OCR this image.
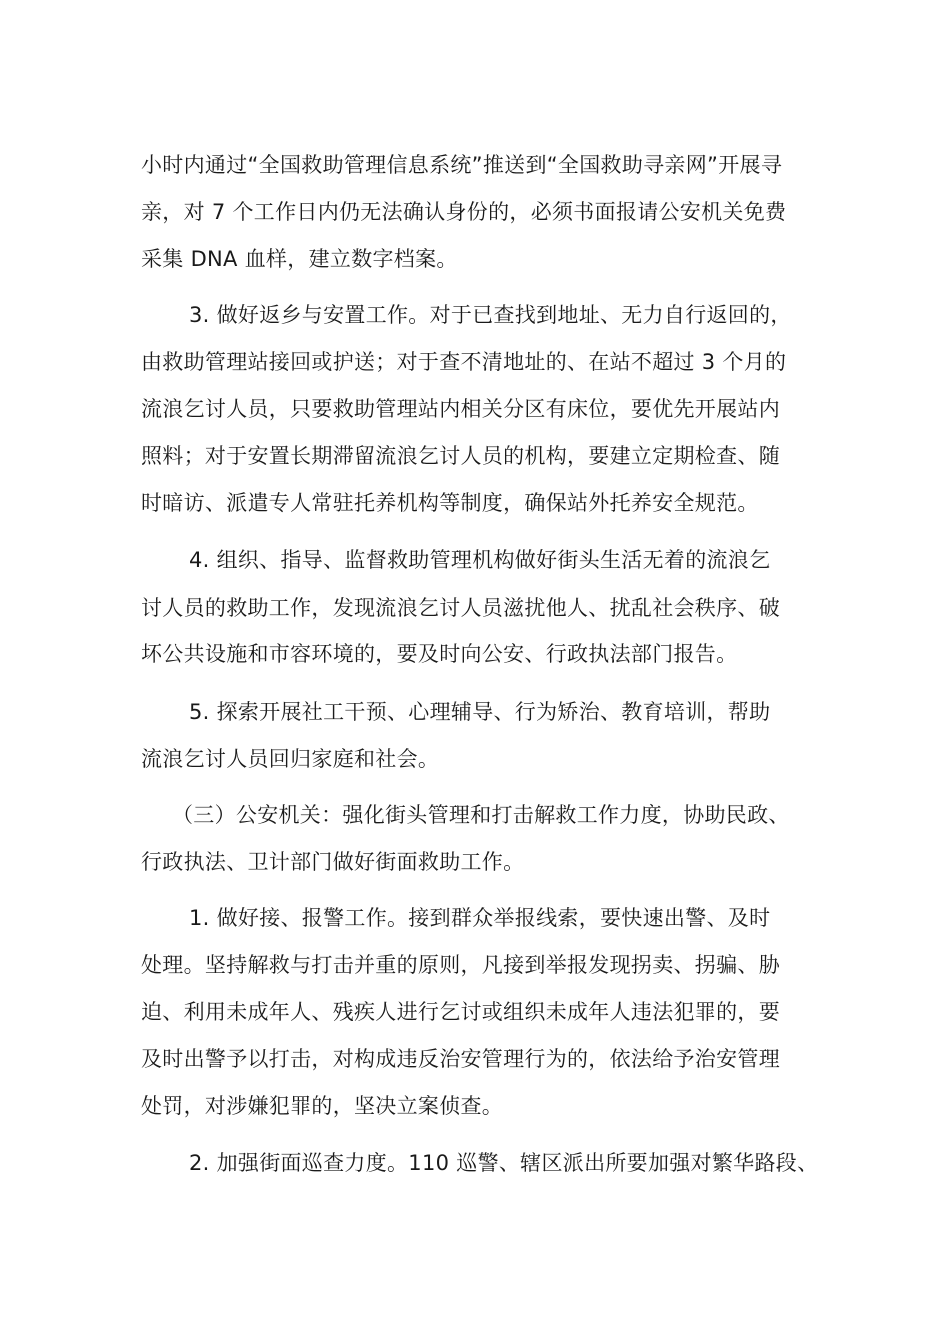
小时内通过“全国救助管理信息系统”推送到“全国救助寻亲网”开展寻
亲，对 7 个工作日内仍无法确认身份的，必须书面报请公安机关免费
采集 DNA 血样，建立数字档案。
3. 做好返乡与安置工作。对于已查找到地址、无力自行返回的，
由救助管理站接回或护送；对于查不清地址的、在站不超过 3 个月的
流浪乞讨人员，只要救助管理站内相关分区有床位，要优先开展站内
照料；对于安置长期滞留流浪乞讨人员的机构，要建立定期检查、随
时暗访、派遣专人常驻托养机构等制度，确保站外托养安全规范。
4. 组织、指导、监督救助管理机构做好街头生活无着的流浪乞
讨人员的救助工作，发现流浪乞讨人员滋扰他人、扰乱社会秩序、破
坏公共设施和市容环境的，要及时向公安、行政执法部门报告。
5. 探索开展社工干预、心理辅导、行为矫治、教育培训，帮助
流浪乞讨人员回归家庭和社会。
（三）公安机关：强化街头管理和打击解救工作力度，协助民政、
行政执法、卫计部门做好街面救助工作。
1. 做好接、报警工作。接到群众举报线索，要快速出警、及时
处理。坚持解救与打击并重的原则，凡接到举报发现拐卖、拐骗、胁
迫、利用未成年人、残疾人进行乞讨或组织未成年人违法犯罪的，要
及时出警予以打击，对构成违反治安管理行为的，依法给予治安管理
处罚，对涉嫌犯罪的，坚决立案侦查。
2. 加强街面巡查力度。110 巡警、辖区派出所要加强对繁华路段、
